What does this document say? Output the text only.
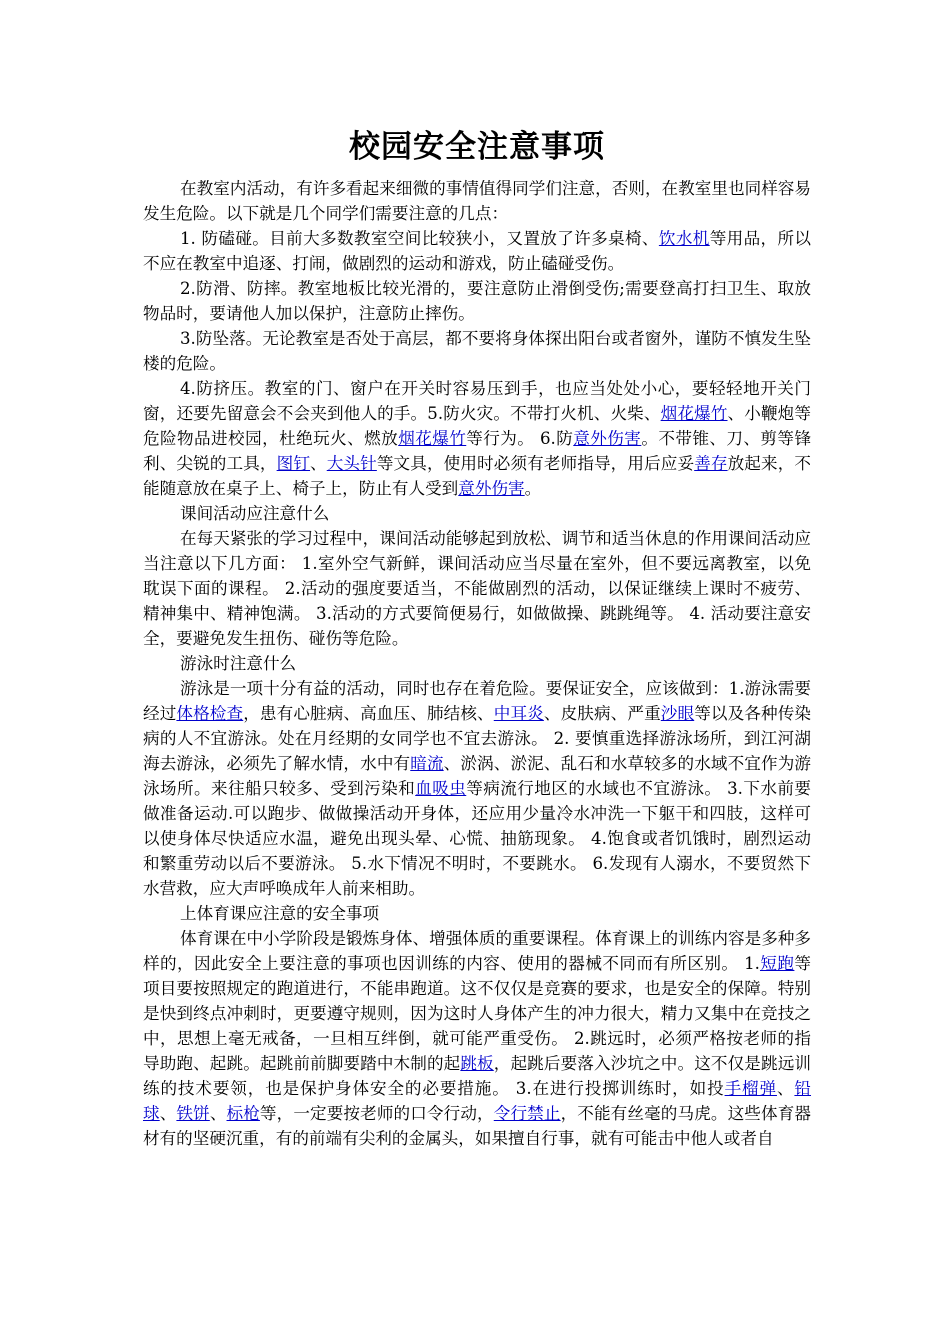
校园安全注意事项

在教室内活动，有许多看起来细微的事情值得同学们注意，否则，在教室里也同样容易发生危险。以下就是几个同学们需要注意的几点：

1. 防磕碰。目前大多数教室空间比较狭小，又置放了许多桌椅、饮水机等用品，所以不应在教室中追逐、打闹，做剧烈的运动和游戏，防止磕碰受伤。

2.防滑、防摔。教室地板比较光滑的，要注意防止滑倒受伤;需要登高打扫卫生、取放物品时，要请他人加以保护，注意防止摔伤。

3.防坠落。无论教室是否处于高层，都不要将身体探出阳台或者窗外，谨防不慎发生坠楼的危险。

4.防挤压。教室的门、窗户在开关时容易压到手，也应当处处小心，要轻轻地开关门窗，还要先留意会不会夹到他人的手。5.防火灾。不带打火机、火柴、烟花爆竹、小鞭炮等危险物品进校园，杜绝玩火、燃放烟花爆竹等行为。 6.防意外伤害。不带锥、刀、剪等锋利、尖锐的工具，图钉、大头针等文具，使用时必须有老师指导，用后应妥善存放起来，不能随意放在桌子上、椅子上，防止有人受到意外伤害。

课间活动应注意什么

在每天紧张的学习过程中，课间活动能够起到放松、调节和适当休息的作用课间活动应当注意以下几方面： 1.室外空气新鲜，课间活动应当尽量在室外，但不要远离教室，以免耽误下面的课程。 2.活动的强度要适当，不能做剧烈的活动，以保证继续上课时不疲劳、精神集中、精神饱满。 3.活动的方式要简便易行，如做做操、跳跳绳等。 4. 活动要注意安全，要避免发生扭伤、碰伤等危险。

游泳时注意什么

游泳是一项十分有益的活动，同时也存在着危险。要保证安全，应该做到：1.游泳需要经过体格检查，患有心脏病、高血压、肺结核、中耳炎、皮肤病、严重沙眼等以及各种传染病的人不宜游泳。处在月经期的女同学也不宜去游泳。 2. 要慎重选择游泳场所，到江河湖海去游泳，必须先了解水情，水中有暗流、淤涡、淤泥、乱石和水草较多的水域不宜作为游泳场所。来往船只较多、受到污染和血吸虫等病流行地区的水域也不宜游泳。 3.下水前要做准备运动.可以跑步、做做操活动开身体，还应用少量冷水冲洗一下躯干和四肢，这样可以使身体尽快适应水温，避免出现头晕、心慌、抽筋现象。 4.饱食或者饥饿时，剧烈运动和繁重劳动以后不要游泳。 5.水下情况不明时，不要跳水。 6.发现有人溺水，不要贸然下水营救，应大声呼唤成年人前来相助。

上体育课应注意的安全事项

体育课在中小学阶段是锻炼身体、增强体质的重要课程。体育课上的训练内容是多种多样的，因此安全上要注意的事项也因训练的内容、使用的器械不同而有所区别。 1.短跑等项目要按照规定的跑道进行，不能串跑道。这不仅仅是竞赛的要求，也是安全的保障。特别是快到终点冲刺时，更要遵守规则，因为这时人身体产生的冲力很大，精力又集中在竞技之中，思想上毫无戒备，一旦相互绊倒，就可能严重受伤。 2.跳远时，必须严格按老师的指导助跑、起跳。起跳前前脚要踏中木制的起跳板，起跳后要落入沙坑之中。这不仅是跳远训练的技术要领，也是保护身体安全的必要措施。 3.在进行投掷训练时，如投手榴弹、铅球、铁饼、标枪等，一定要按老师的口令行动，令行禁止，不能有丝毫的马虎。这些体育器材有的坚硬沉重，有的前端有尖利的金属头，如果擅自行事，就有可能击中他人或者自
